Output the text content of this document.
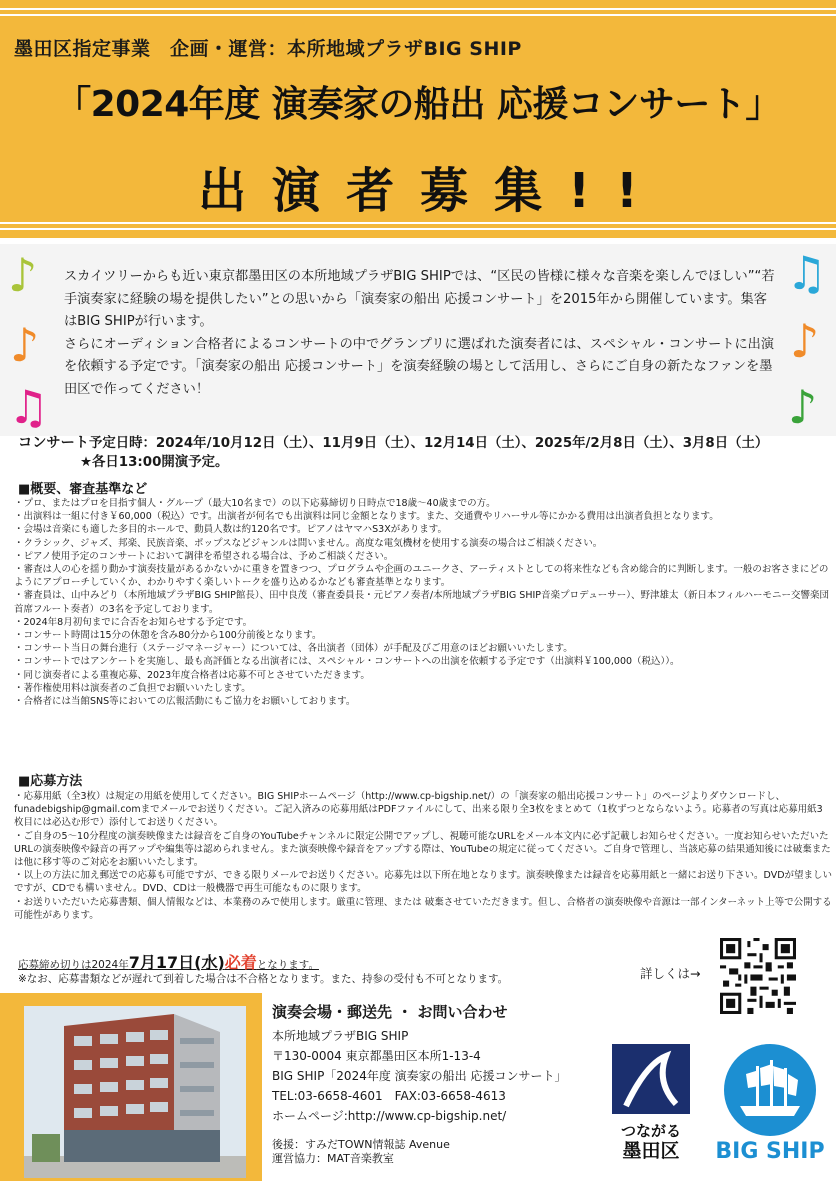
墨田区指定事業　企画・運営：本所地域プラザBIG SHIP
「2024年度 演奏家の船出 応援コンサート」
出演者募集!!
♪
♪
♫
♫
♪
♪
スカイツリーからも近い東京都墨田区の本所地域プラザBIG SHIPでは、“区民の皆様に様々な音楽を楽しんでほしい”“若手演奏家に経験の場を提供したい”との思いから「演奏家の船出 応援コンサート」を2015年から開催しています。集客はBIG SHIPが行います。
さらにオーディション合格者によるコンサートの中でグランプリに選ばれた演奏者には、スペシャル・コンサートに出演を依頼する予定です。「演奏家の船出 応援コンサート」を演奏経験の場として活用し、さらにご自身の新たなファンを墨田区で作ってください！
コンサート予定日時：2024年/10月12日（土）、11月9日（土）、12月14日（土）、2025年/2月8日（土）、3月8日（土）
★各日13:00開演予定。
■概要、審査基準など

・プロ、またはプロを目指す個人・グループ（最大10名まで）の以下応募締切り日時点で18歳～40歳までの方。

・出演料は一組に付き￥60,000（税込）です。出演者が何名でも出演料は同じ金額となります。また、交通費やリハーサル等にかかる費用は出演者負担となります。

・会場は音楽にも適した多目的ホールで、動員人数は約120名です。ピアノはヤマハS3Xがあります。

・クラシック、ジャズ、邦楽、民族音楽、ポップスなどジャンルは問いません。高度な電気機材を使用する演奏の場合はご相談ください。

・ピアノ使用予定のコンサートにおいて調律を希望される場合は、予めご相談ください。

・審査は人の心を揺り動かす演奏技量があるかないかに重きを置きつつ、プログラムや企画のユニークさ、アーティストとしての将来性なども含め総合的に判断します。一般のお客さまにどのようにアプローチしていくか、わかりやすく楽しいトークを盛り込めるかなども審査基準となります。

・審査員は、山中みどり（本所地域プラザBIG SHIP館長）、田中良茂（審査委員長・元ピアノ奏者/本所地域プラザBIG SHIP音楽プロデューサー）、野津雄太（新日本フィルハーモニー交響楽団首席フルート奏者）の3名を予定しております。

・2024年8月初旬までに合否をお知らせする予定です。

・コンサート時間は15分の休憩を含み80分から100分前後となります。

・コンサート当日の舞台進行（ステージマネージャー）については、各出演者（団体）が手配及びご用意のほどお願いいたします。

・コンサートではアンケートを実施し、最も高評価となる出演者には、スペシャル・コンサートへの出演を依頼する予定です（出演料￥100,000（税込））。

・同じ演奏者による重複応募、2023年度合格者は応募不可とさせていただきます。

・著作権使用料は演奏者のご負担でお願いいたします。

・合格者には当館SNS等においての広報活動にもご協力をお願いしております。

■応募方法

・応募用紙（全3枚）は規定の用紙を使用してください。BIG SHIPホームページ（http://www.cp-bigship.net/）の「演奏家の船出応援コンサート」のページよりダウンロードし、funadebigship@gmail.comまでメールでお送りください。ご記入済みの応募用紙はPDFファイルにして、出来る限り全3枚をまとめて（1枚ずつとならないよう。応募者の写真は応募用紙3枚目には必込む形で）添付してお送りください。

・ご自身の5～10分程度の演奏映像または録音をご自身のYouTubeチャンネルに限定公開でアップし、視聴可能なURLをメール本文内に必ず記載しお知らせください。一度お知らせいただいたURLの演奏映像や録音の再アップや編集等は認められません。また演奏映像や録音をアップする際は、YouTubeの規定に従ってください。ご自身で管理し、当該応募の結果通知後には破棄または他に移す等のご対応をお願いいたします。

・以上の方法に加え郵送での応募も可能ですが、できる限りメールでお送りください。応募先は以下所在地となります。演奏映像または録音を応募用紙と一緒にお送り下さい。DVDが望ましいですが、CDでも構いません。DVD、CDは一般機器で再生可能なものに限ります。

・お送りいただいた応募書類、個人情報などは、本業務のみで使用します。厳重に管理、または 破棄させていただきます。但し、合格者の演奏映像や音源は一部インターネット上等で公開する可能性があります。

応募締め切りは2024年7月17日(水)必着となります。
※なお、応募書類などが遅れて到着した場合は不合格となります。また、持参の受付も不可となります。	詳しくは→
演奏会場・郵送先 ・ お問い合わせ
本所地域プラザBIG SHIP
〒130-0004 東京都墨田区本所1-13-4
BIG SHIP「2024年度 演奏家の船出 応援コンサート」
TEL:03-6658-4601　FAX:03-6658-4613
ホームページ:http://www.cp-bigship.net/
後援：すみだTOWN情報誌 Avenue
運営協力：MAT音楽教室
つながる
墨田区 BIG SHIP
